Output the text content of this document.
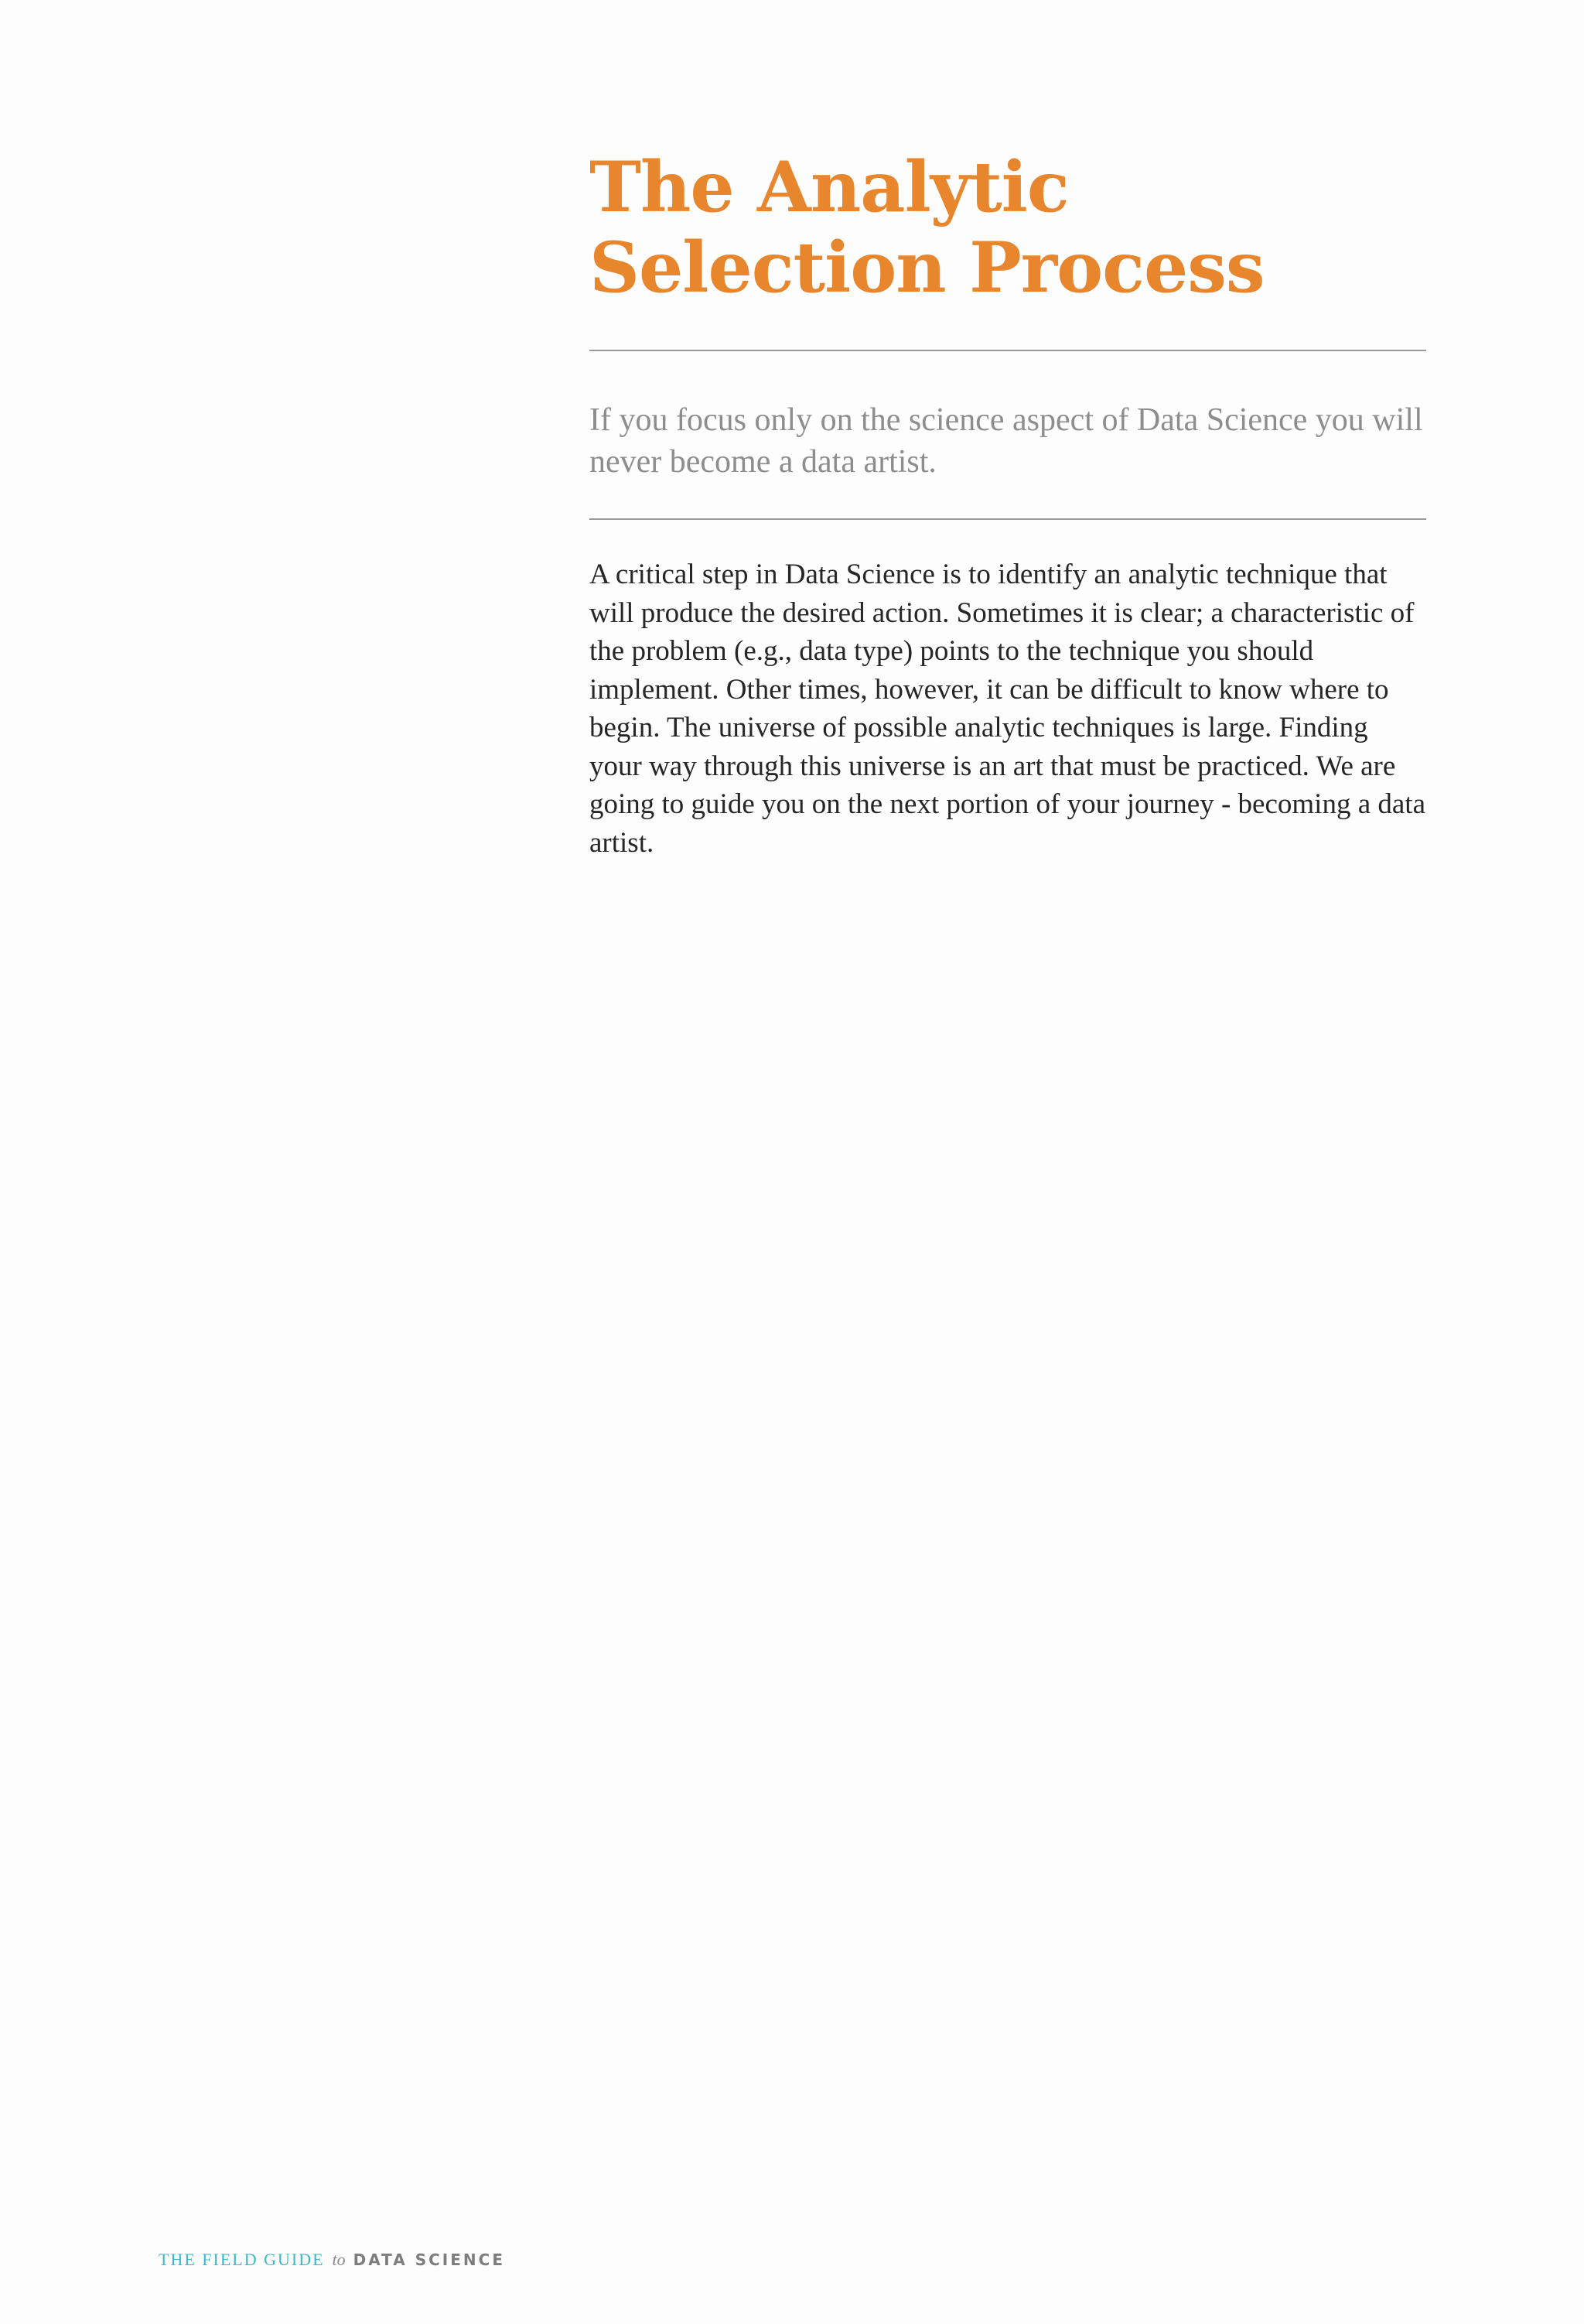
The Analytic
Selection Process

If you focus only on the science aspect of Data Science you will never become a data artist.

A critical step in Data Science is to identify an analytic technique that will produce the desired action. Sometimes it is clear; a characteristic of the problem (e.g., data type) points to the technique you should implement. Other times, however, it can be difficult to know where to begin. The universe of possible analytic techniques is large. Finding your way through this universe is an art that must be practiced. We are going to guide you on the next portion of your journey - becoming a data artist.

THE FIELD GUIDE to DATA SCIENCE
